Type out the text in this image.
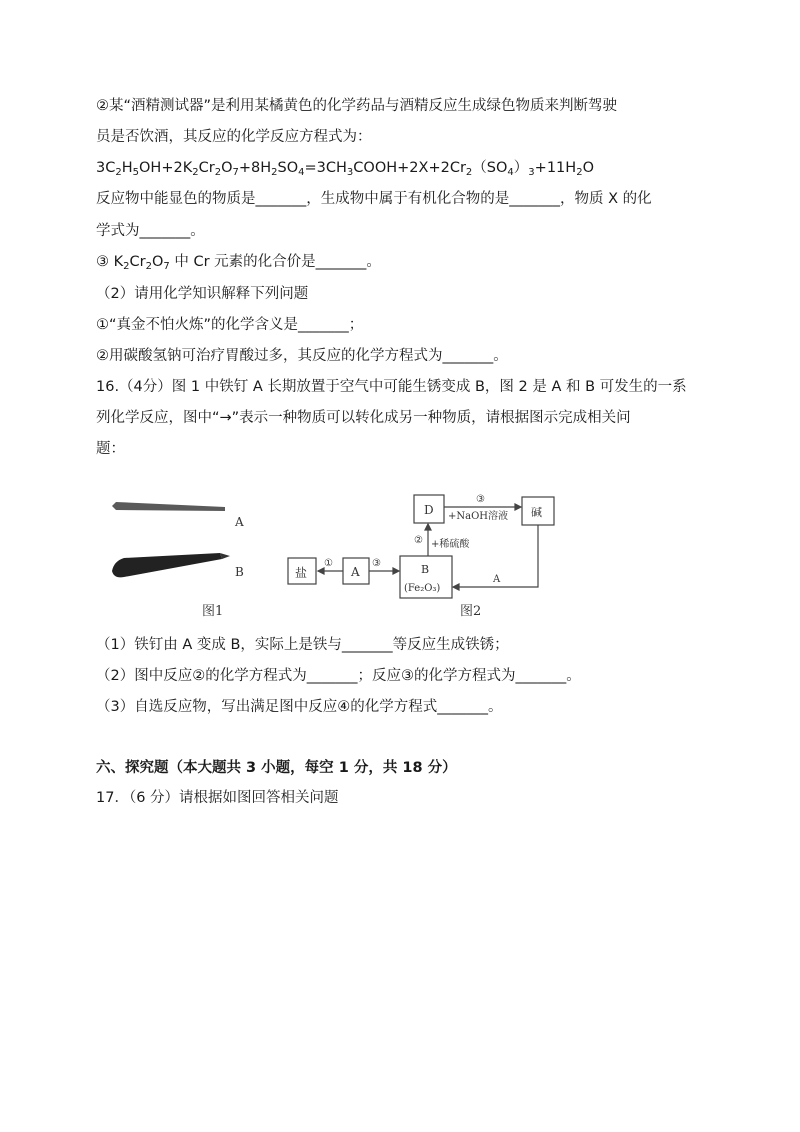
②某“酒精测试器”是利用某橘黄色的化学药品与酒精反应生成绿色物质来判断驾驶
员是否饮酒，其反应的化学反应方程式为：
$3C_2H_5OH+2K_2Cr_2O_7+8H_2SO_4=3CH_3COOH+2X+2Cr_2(SO_4)_3+11H_2O$
反应物中能显色的物质是_______，生成物中属于有机化合物的是_______，物质 X 的化
学式为_______。
③ $K_2Cr_2O_7$ 中 Cr 元素的化合价是_______。
（2）请用化学知识解释下列问题
①“真金不怕火炼”的化学含义是_______；
②用碳酸氢钠可治疗胃酸过多，其反应的化学方程式为_______。
16.（4分）图 1 中铁钉 A 长期放置于空气中可能生锈变成 B，图 2 是 A 和 B 可发生的一系
列化学反应，图中“→”表示一种物质可以转化成另一种物质，请根据图示完成相关问
题：
A
B
图1
盐	A	B
(Fe₂O₃)
D	碱
①	③
② +稀硫酸
③
+NaOH溶液
A
图2
（1）铁钉由 A 变成 B，实际上是铁与_______等反应生成铁锈；
（2）图中反应②的化学方程式为_______；反应③的化学方程式为_______。
（3）自选反应物，写出满足图中反应④的化学方程式_______。
六、探究题（本大题共 3 小题，每空 1 分，共 18 分）
17．（6 分）请根据如图回答相关问题
